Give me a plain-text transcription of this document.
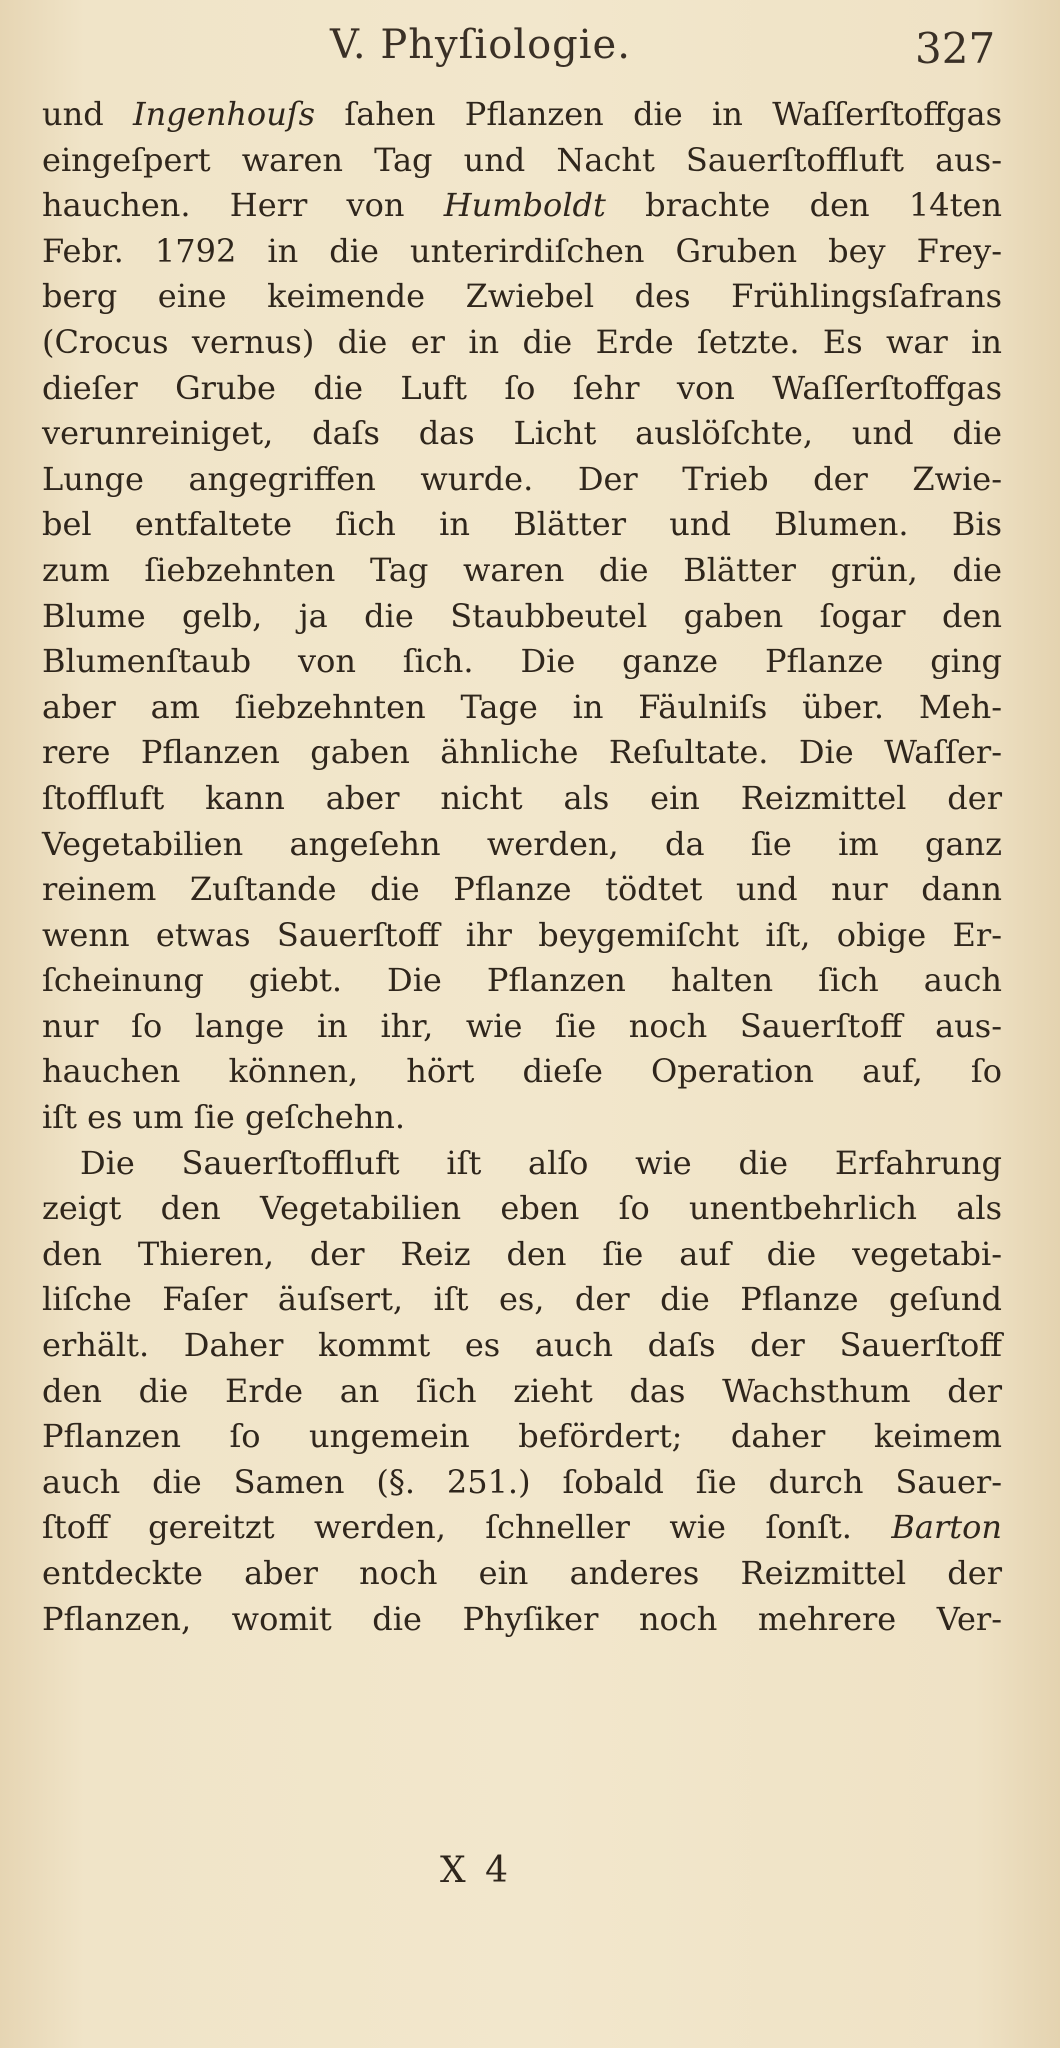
V. Phyſiologie.	327
und Ingenhouſs ſahen Pflanzen die in Waſſerſtoffgas
eingeſpert waren Tag und Nacht Sauerſtoffluft aus-
hauchen. Herr von Humboldt brachte den 14ten
Febr. 1792 in die unterirdiſchen Gruben bey Frey-
berg eine keimende Zwiebel des Frühlingsſafrans
(Crocus vernus) die er in die Erde ſetzte. Es war in
dieſer Grube die Luft ſo ſehr von Waſſerſtoffgas
verunreiniget, daſs das Licht auslöſchte, und die
Lunge angegriffen wurde. Der Trieb der Zwie-
bel entfaltete ſich in Blätter und Blumen. Bis
zum ſiebzehnten Tag waren die Blätter grün, die
Blume gelb, ja die Staubbeutel gaben ſogar den
Blumenſtaub von ſich. Die ganze Pflanze ging
aber am ſiebzehnten Tage in Fäulniſs über. Meh-
rere Pflanzen gaben ähnliche Reſultate. Die Waſſer-
ſtoffluft kann aber nicht als ein Reizmittel der
Vegetabilien angeſehn werden, da ſie im ganz
reinem Zuſtande die Pflanze tödtet und nur dann
wenn etwas Sauerſtoff ihr beygemiſcht iſt, obige Er-
ſcheinung giebt. Die Pflanzen halten ſich auch
nur ſo lange in ihr, wie ſie noch Sauerſtoff aus-
hauchen können, hört dieſe Operation auf, ſo
iſt es um ſie geſchehn.
Die Sauerſtoffluft iſt alſo wie die Erfahrung
zeigt den Vegetabilien eben ſo unentbehrlich als
den Thieren, der Reiz den ſie auf die vegetabi-
liſche Faſer äuſsert, iſt es, der die Pflanze geſund
erhält. Daher kommt es auch daſs der Sauerſtoff
den die Erde an ſich zieht das Wachsthum der
Pflanzen ſo ungemein befördert; daher keimem
auch die Samen (§. 251.) ſobald ſie durch Sauer-
ſtoff gereitzt werden, ſchneller wie ſonſt. Barton
entdeckte aber noch ein anderes Reizmittel der
Pflanzen, womit die Phyſiker noch mehrere Ver-
X 4
